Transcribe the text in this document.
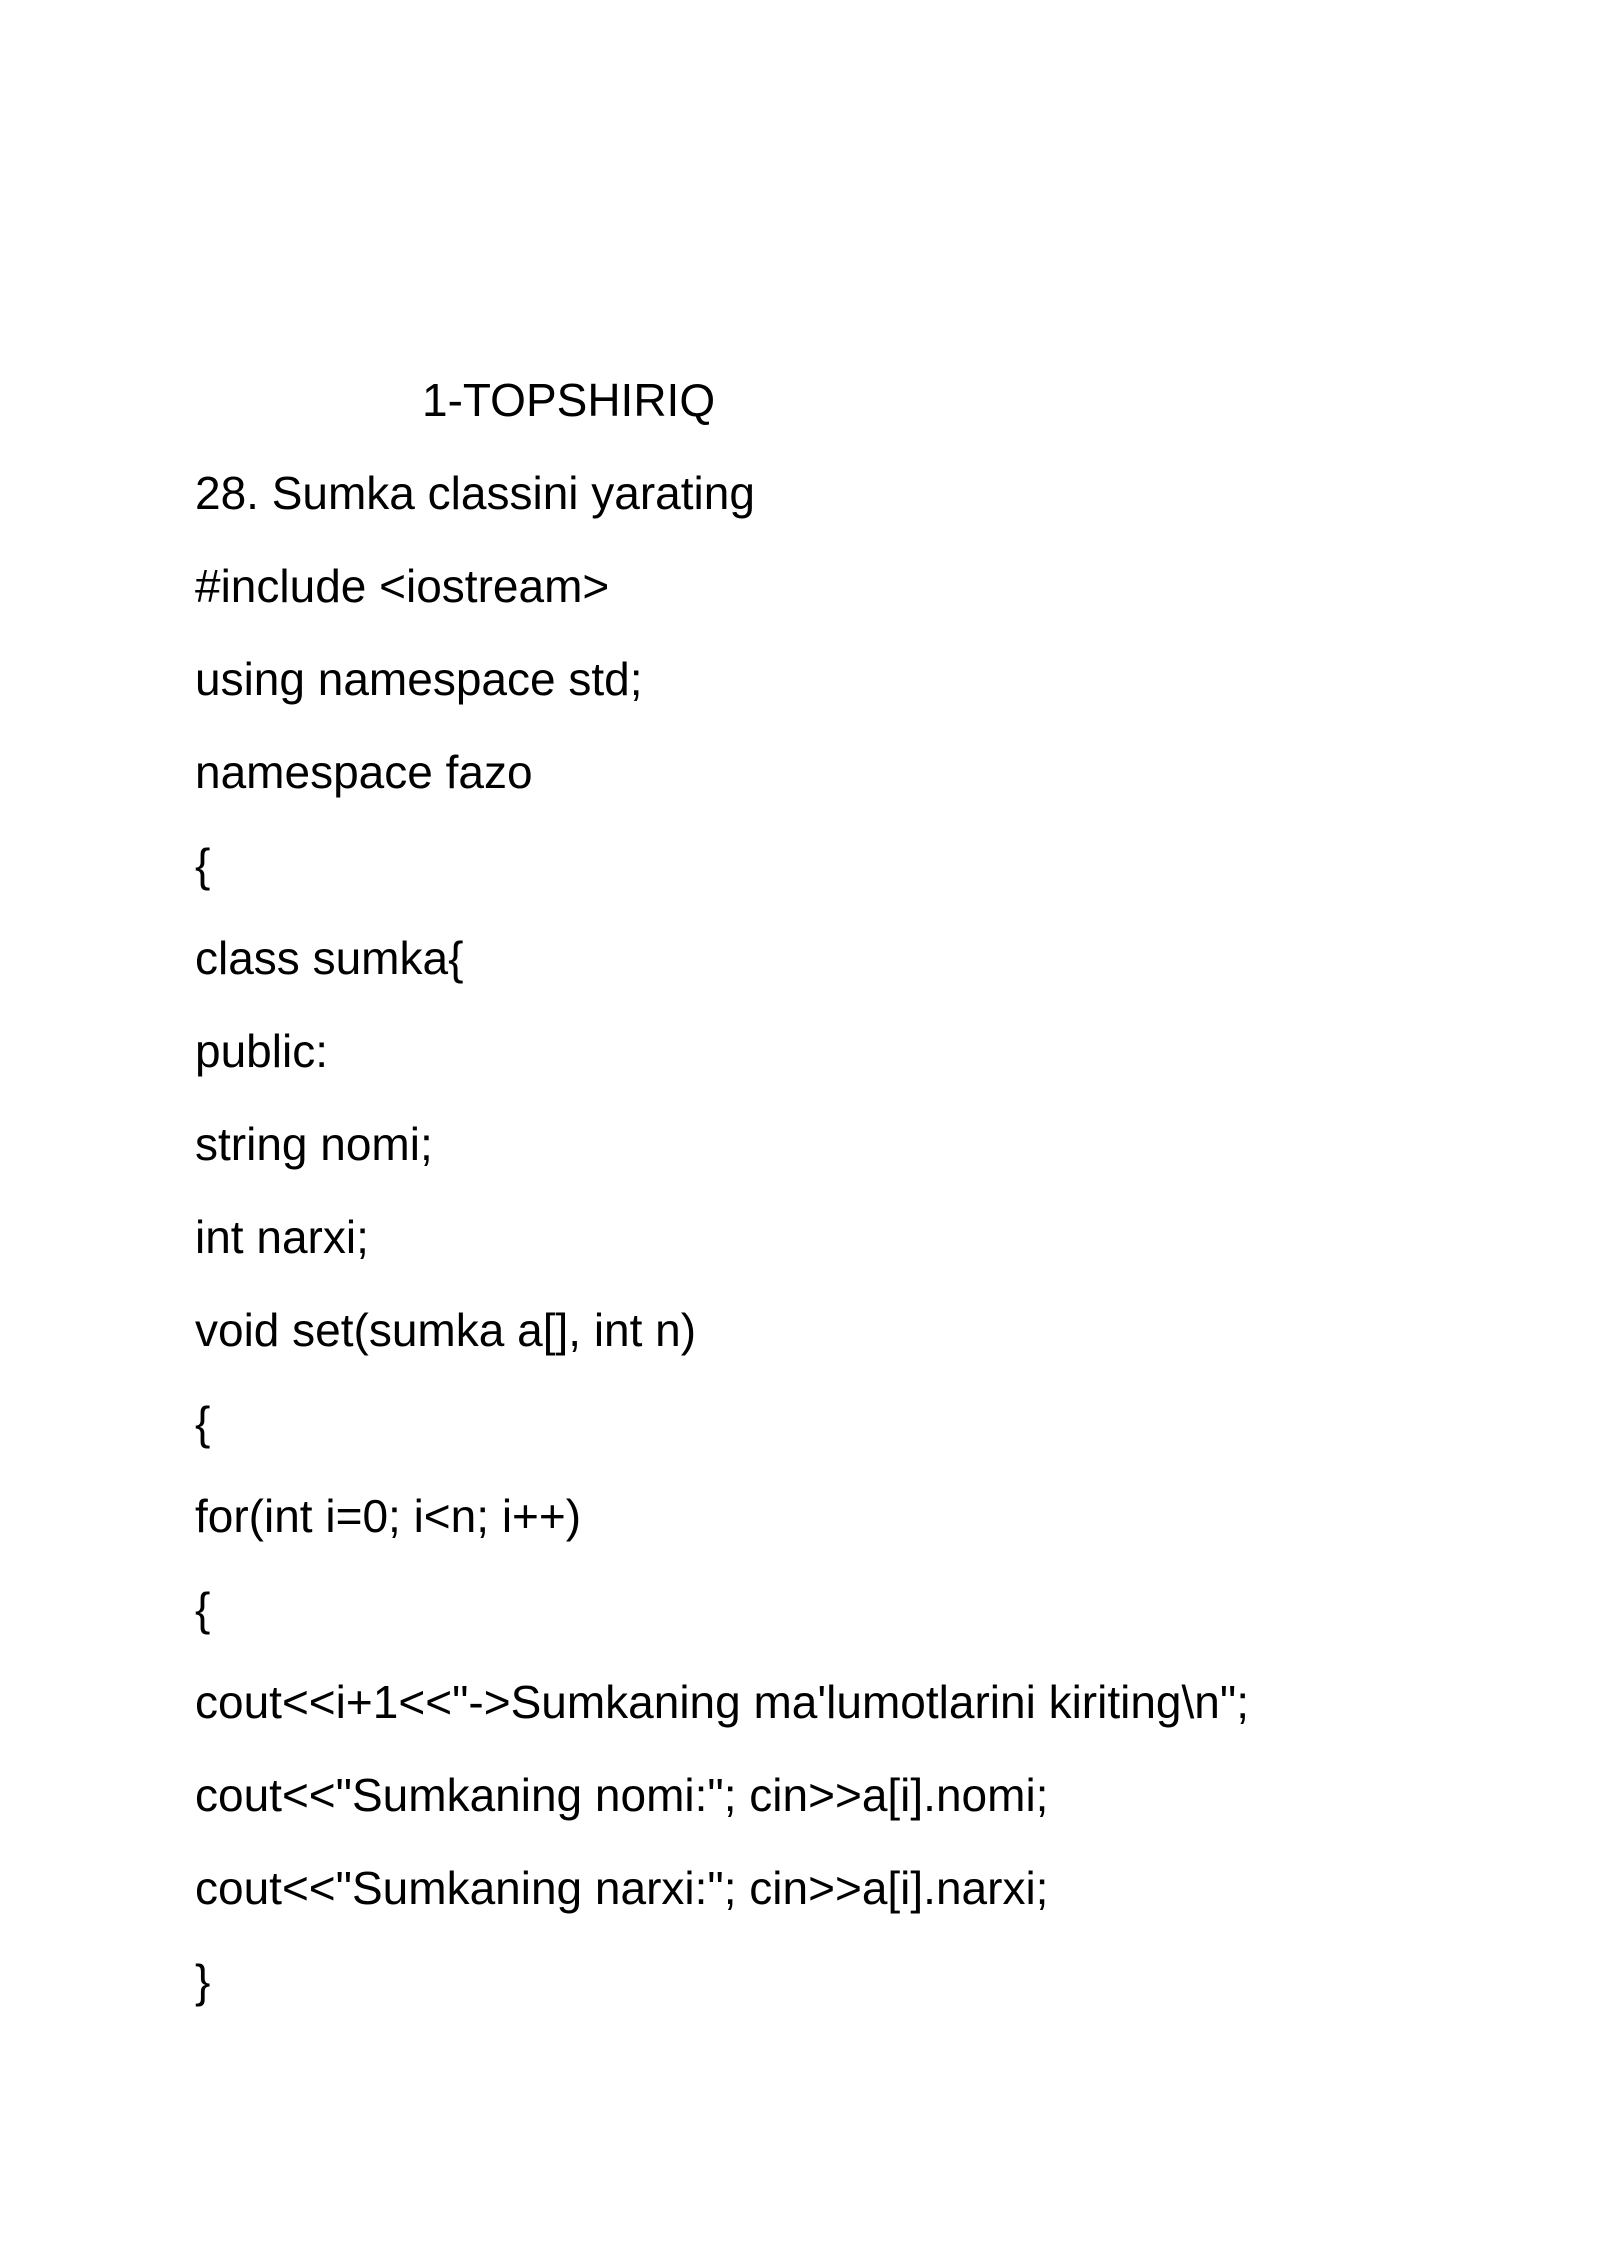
1-TOPSHIRIQ

28. Sumka classini yarating

#include <iostream>

using namespace std;

namespace fazo

{

class sumka{

public:

string nomi;

int narxi;

void set(sumka a[], int n)

{

for(int i=0; i<n; i++)

{

cout<<i+1<<"->Sumkaning ma'lumotlarini kiriting\n";

cout<<"Sumkaning nomi:"; cin>>a[i].nomi;

cout<<"Sumkaning narxi:"; cin>>a[i].narxi;

}
